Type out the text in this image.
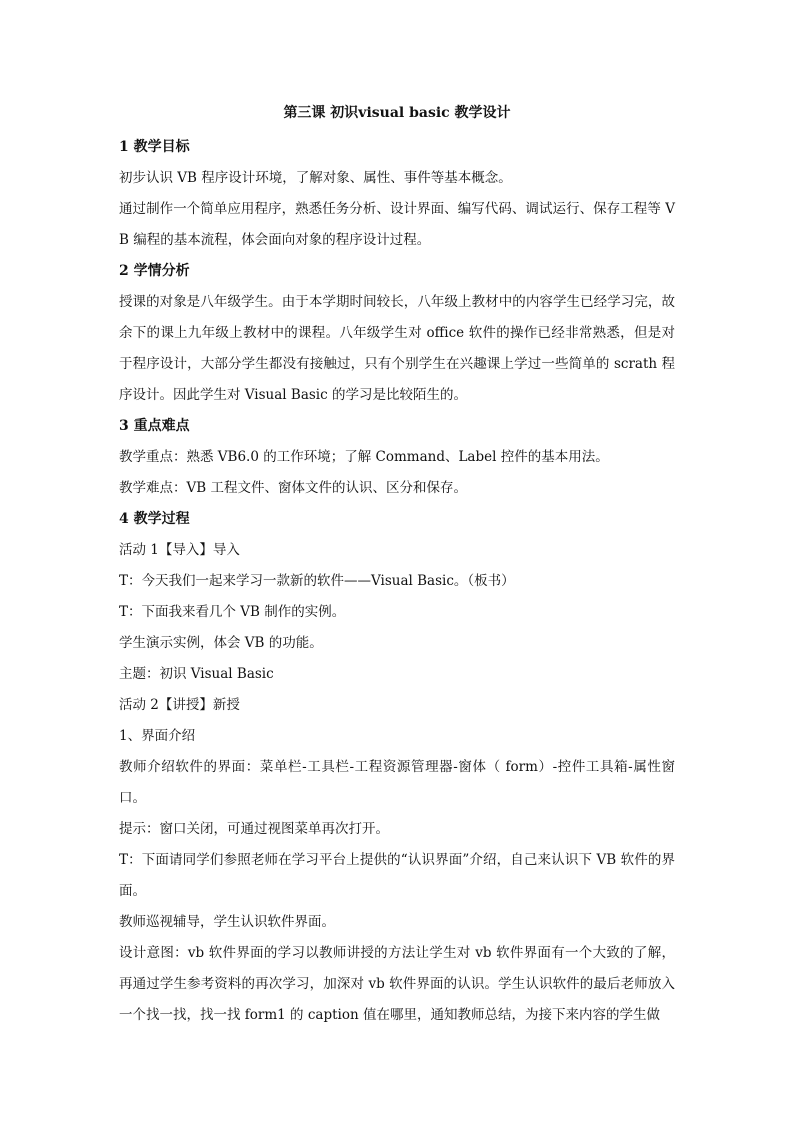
第三课 初识visual basic 教学设计
1 教学目标

初步认识 VB 程序设计环境，了解对象、属性、事件等基本概念。

通过制作一个简单应用程序，熟悉任务分析、设计界面、编写代码、调试运行、保存工程等 VB 编程的基本流程，体会面向对象的程序设计过程。

2 学情分析

授课的对象是八年级学生。由于本学期时间较长，八年级上教材中的内容学生已经学习完，故余下的课上九年级上教材中的课程。八年级学生对 office 软件的操作已经非常熟悉，但是对于程序设计，大部分学生都没有接触过，只有个别学生在兴趣课上学过一些简单的 scrath 程序设计。因此学生对 Visual Basic 的学习是比较陌生的。

3 重点难点

教学重点：熟悉 VB6.0 的工作环境；了解 Command、Label 控件的基本用法。

教学难点：VB 工程文件、窗体文件的认识、区分和保存。

4 教学过程

活动 1【导入】导入

T：今天我们一起来学习一款新的软件——Visual Basic。（板书）

T：下面我来看几个 VB 制作的实例。

学生演示实例，体会 VB 的功能。

主题：初识 Visual Basic

活动 2【讲授】新授

1、界面介绍

教师介绍软件的界面：菜单栏-工具栏-工程资源管理器-窗体（ form）-控件工具箱-属性窗口。

提示：窗口关闭，可通过视图菜单再次打开。

T：下面请同学们参照老师在学习平台上提供的“认识界面”介绍，自己来认识下 VB 软件的界面。

教师巡视辅导，学生认识软件界面。

设计意图：vb 软件界面的学习以教师讲授的方法让学生对 vb 软件界面有一个大致的了解，再通过学生参考资料的再次学习，加深对 vb 软件界面的认识。学生认识软件的最后老师放入一个找一找，找一找 form1 的 caption 值在哪里，通知教师总结，为接下来内容的学生做
